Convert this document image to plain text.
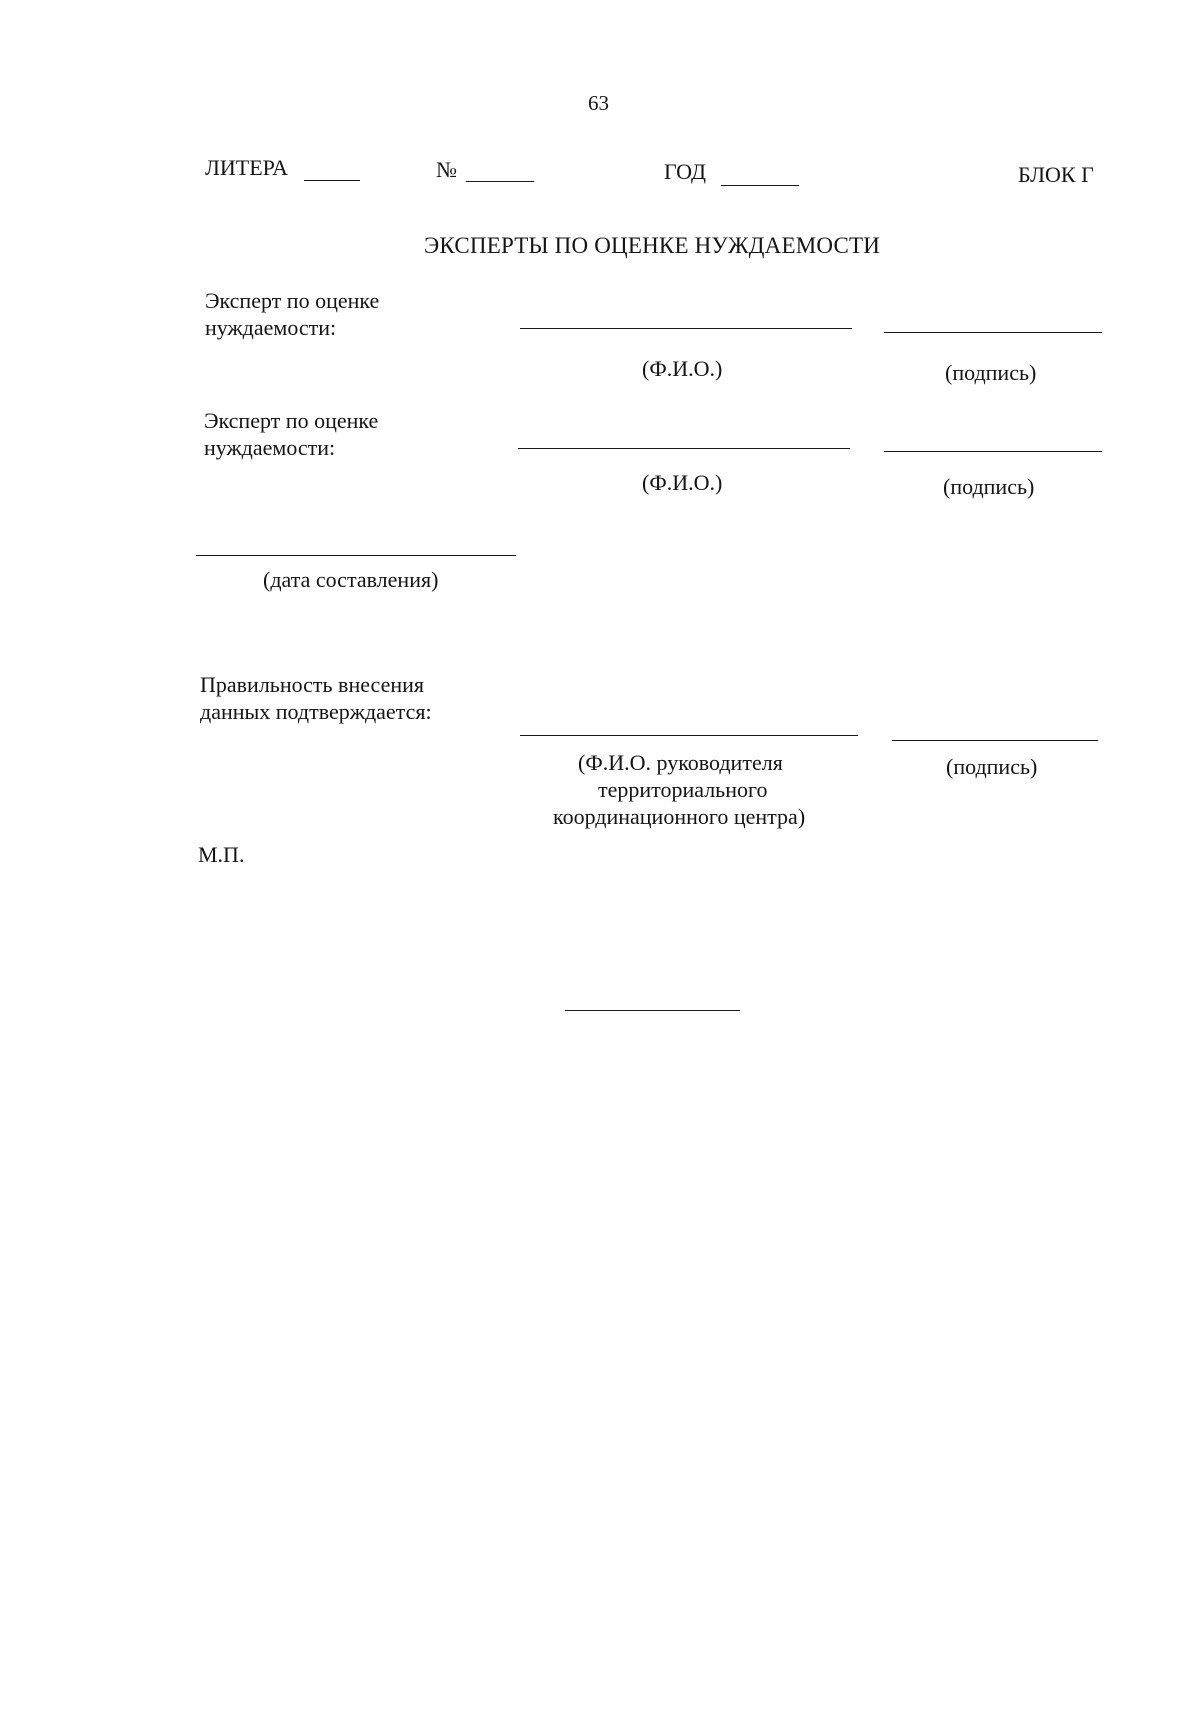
63
ЛИТЕРА	№	ГОД	БЛОК Г
ЭКСПЕРТЫ ПО ОЦЕНКЕ НУЖДАЕМОСТИ
Эксперт по оценке
нуждаемости:
(Ф.И.О.)	(подпись)
Эксперт по оценке
нуждаемости:
(Ф.И.О.)	(подпись)
(дата составления)
Правильность внесения
данных подтверждается:
(Ф.И.О. руководителя
территориального
координационного центра)
(подпись)
М.П.
